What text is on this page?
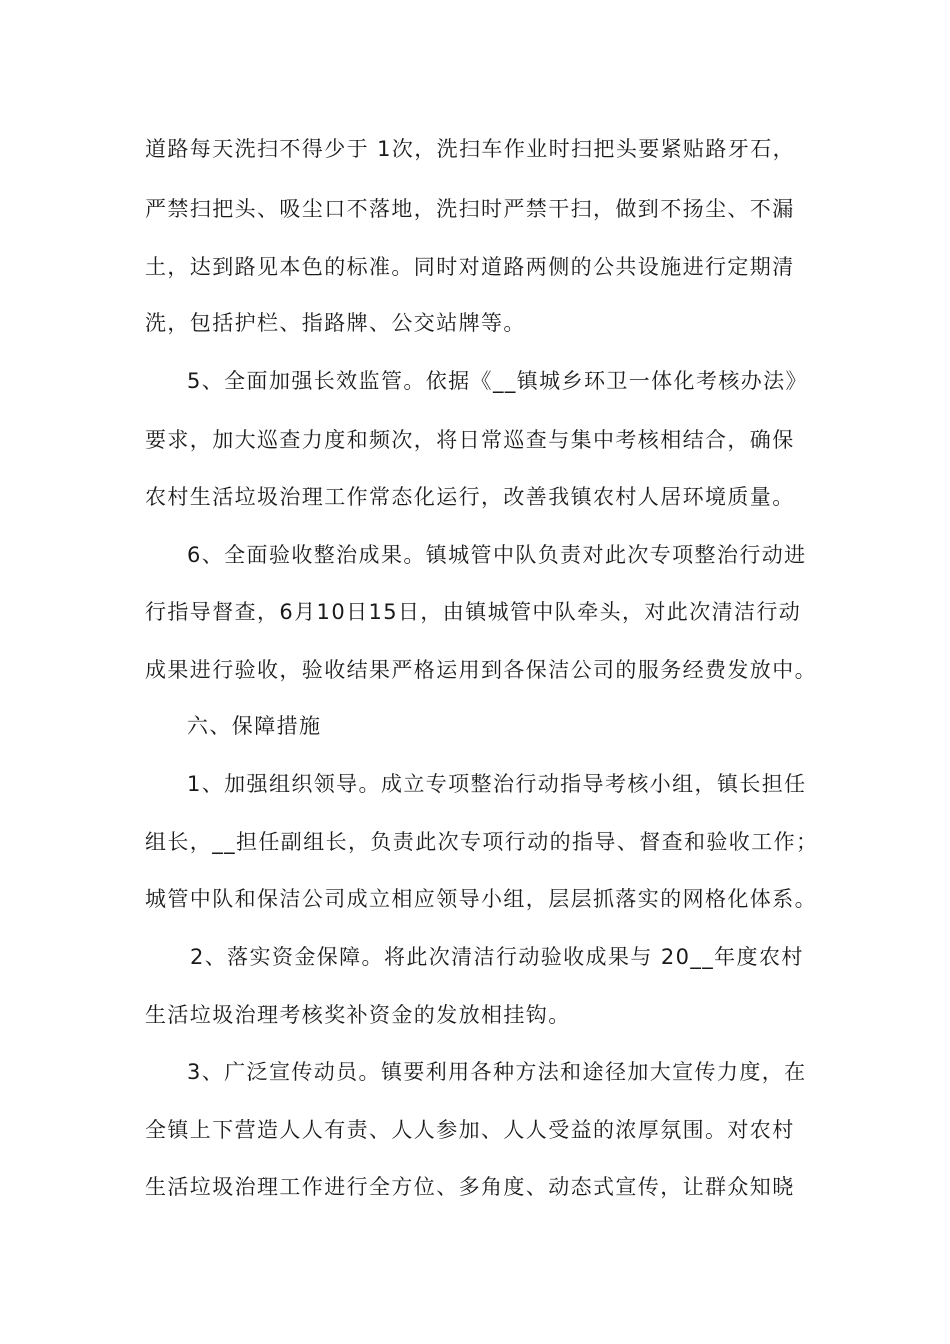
道路每天洗扫不得少于 1次，洗扫车作业时扫把头要紧贴路牙石，
严禁扫把头、吸尘口不落地，洗扫时严禁干扫，做到不扬尘、不漏
土，达到路见本色的标准。同时对道路两侧的公共设施进行定期清
洗，包括护栏、指路牌、公交站牌等。
5、全面加强长效监管。依据《__镇城乡环卫一体化考核办法》
要求，加大巡查力度和频次，将日常巡查与集中考核相结合，确保
农村生活垃圾治理工作常态化运行，改善我镇农村人居环境质量。
6、全面验收整治成果。镇城管中队负责对此次专项整治行动进
行指导督查，6月10日15日，由镇城管中队牵头，对此次清洁行动
成果进行验收，验收结果严格运用到各保洁公司的服务经费发放中。
六、保障措施
1、加强组织领导。成立专项整治行动指导考核小组，镇长担任
组长，__担任副组长，负责此次专项行动的指导、督查和验收工作；
城管中队和保洁公司成立相应领导小组，层层抓落实的网格化体系。
2、落实资金保障。将此次清洁行动验收成果与 20__年度农村
生活垃圾治理考核奖补资金的发放相挂钩。
3、广泛宣传动员。镇要利用各种方法和途径加大宣传力度，在
全镇上下营造人人有责、人人参加、人人受益的浓厚氛围。对农村
生活垃圾治理工作进行全方位、多角度、动态式宣传，让群众知晓
